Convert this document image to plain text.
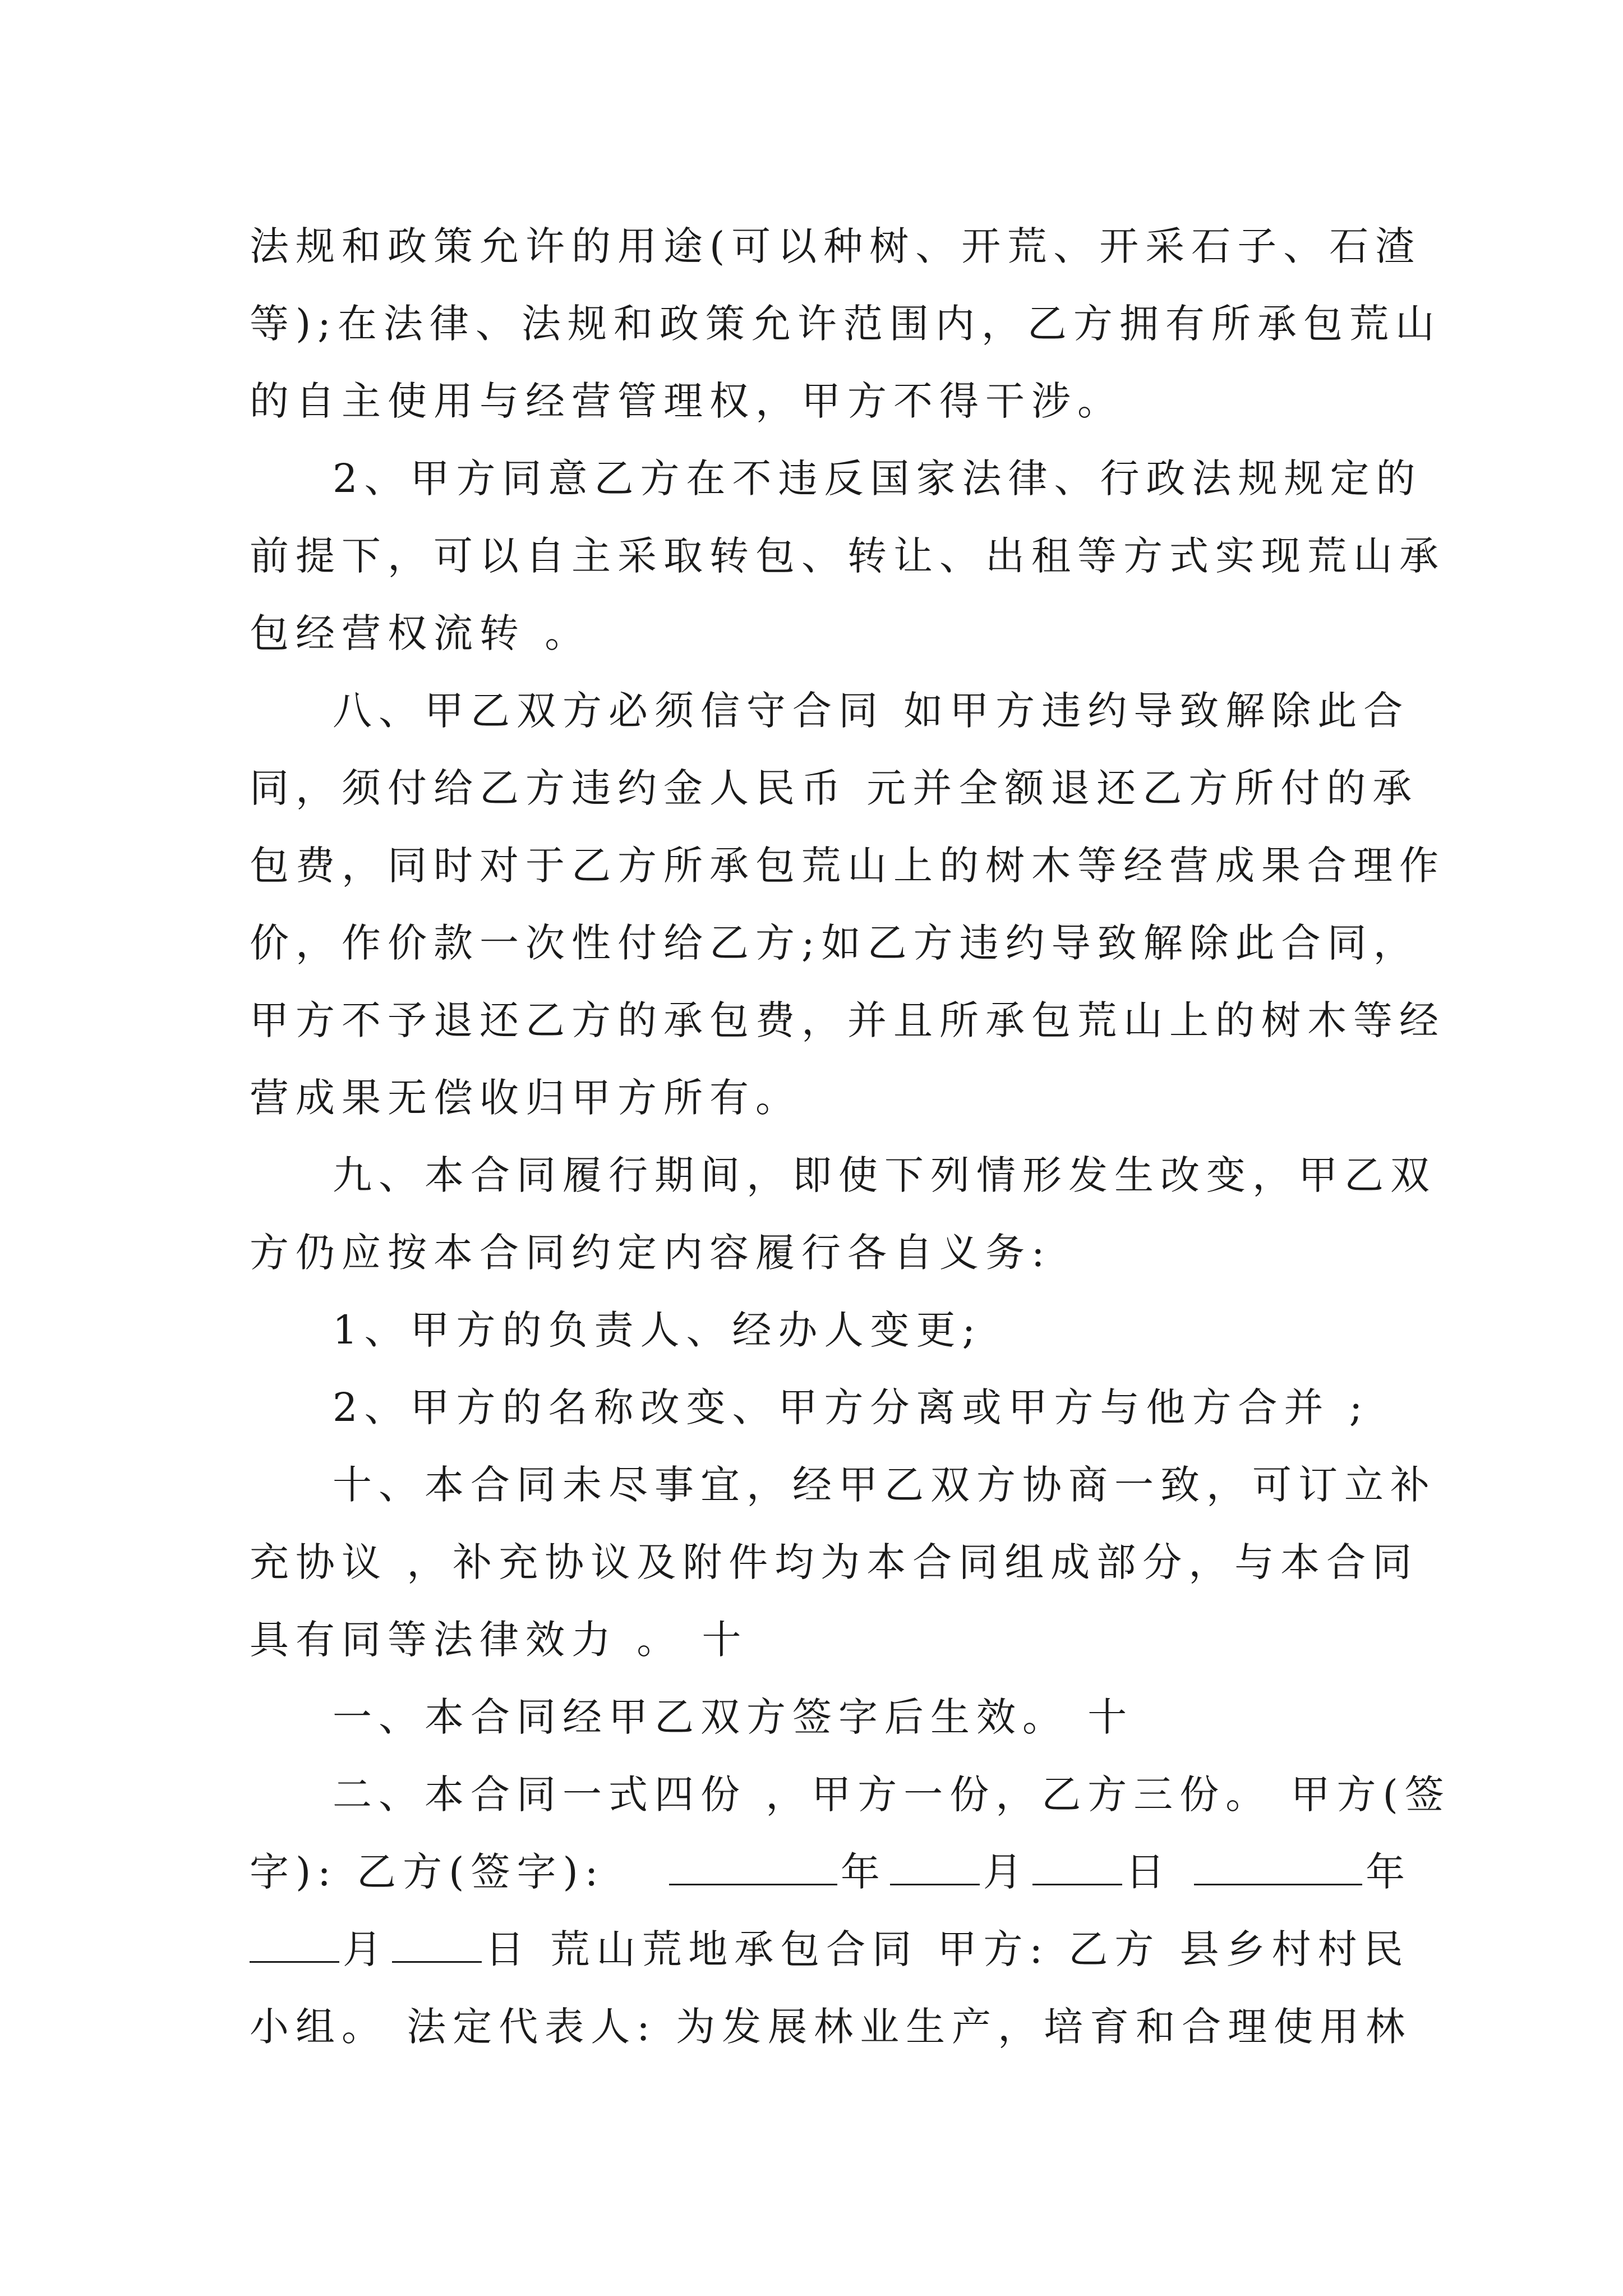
法规和政策允许的用途(可以种树、开荒、开采石子、石渣
等);在法律、法规和政策允许范围内，乙方拥有所承包荒山
的自主使用与经营管理权，甲方不得干涉。
2、甲方同意乙方在不违反国家法律、行政法规规定的
前提下，可以自主采取转包、转让、出租等方式实现荒山承
包经营权流转 。
八、甲乙双方必须信守合同 如甲方违约导致解除此合
同，须付给乙方违约金人民币 元并全额退还乙方所付的承
包费，同时对于乙方所承包荒山上的树木等经营成果合理作
价，作价款一次性付给乙方;如乙方违约导致解除此合同，
甲方不予退还乙方的承包费，并且所承包荒山上的树木等经
营成果无偿收归甲方所有。
九、本合同履行期间，即使下列情形发生改变，甲乙双
方仍应按本合同约定内容履行各自义务:
1、甲方的负责人、经办人变更;
2、甲方的名称改变、甲方分离或甲方与他方合并 ;
十、本合同未尽事宜，经甲乙双方协商一致，可订立补
充协议 ，补充协议及附件均为本合同组成部分，与本合同
具有同等法律效力 。 十
一、本合同经甲乙双方签字后生效。 十
二、本合同一式四份 ，甲方一份，乙方三份。 甲方(签
字): 乙方(签字):	年 月 日	年
月 日 荒山荒地承包合同 甲方: 乙方 县乡村村民
小组。 法定代表人: 为发展林业生产，培育和合理使用林
